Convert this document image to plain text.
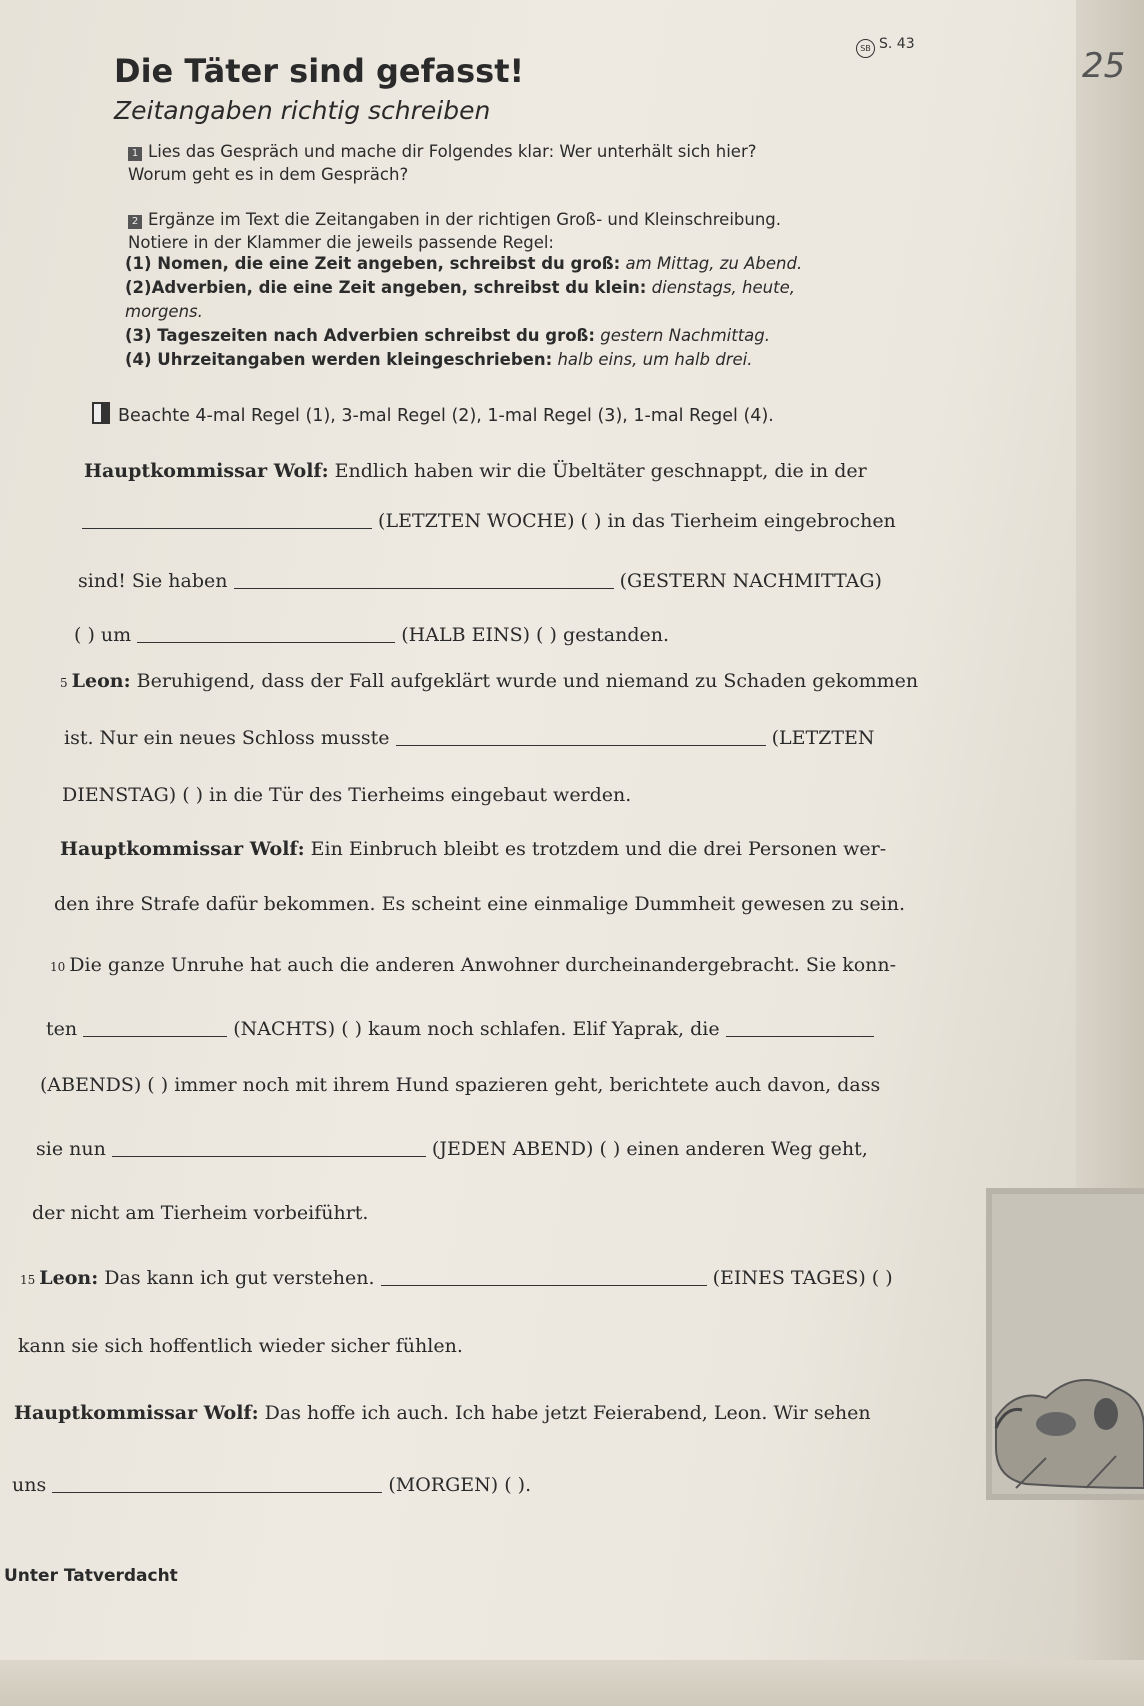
SB S. 43
25
Die Täter sind gefasst!
Zeitangaben richtig schreiben
1 Lies das Gespräch und mache dir Folgendes klar: Wer unterhält sich hier?
Worum geht es in dem Gespräch?
2 Ergänze im Text die Zeitangaben in der richtigen Groß- und Kleinschreibung.
Notiere in der Klammer die jeweils passende Regel:
(1) Nomen, die eine Zeit angeben, schreibst du groß: am Mittag, zu Abend.
(2)Adverbien, die eine Zeit angeben, schreibst du klein: dienstags, heute,
morgens.
(3) Tageszeiten nach Adverbien schreibst du groß: gestern Nachmittag.
(4) Uhrzeitangaben werden kleingeschrieben: halb eins, um halb drei.
Beachte 4-mal Regel (1), 3-mal Regel (2), 1-mal Regel (3), 1-mal Regel (4).
Hauptkommissar Wolf: Endlich haben wir die Übeltäter geschnappt, die in der
(LETZTEN WOCHE) ( ) in das Tierheim eingebrochen
sind! Sie haben	(GESTERN NACHMITTAG)
( ) um	(HALB EINS) ( ) gestanden.
5 Leon: Beruhigend, dass der Fall aufgeklärt wurde und niemand zu Schaden gekommen
ist. Nur ein neues Schloss musste	(LETZTEN
DIENSTAG) ( ) in die Tür des Tierheims eingebaut werden.
Hauptkommissar Wolf: Ein Einbruch bleibt es trotzdem und die drei Personen wer-
den ihre Strafe dafür bekommen. Es scheint eine einmalige Dummheit gewesen zu sein.
10 Die ganze Unruhe hat auch die anderen Anwohner durcheinandergebracht. Sie konn-
ten	(NACHTS) ( ) kaum noch schlafen. Elif Yaprak, die
(ABENDS) ( ) immer noch mit ihrem Hund spazieren geht, berichtete auch davon, dass
sie nun	(JEDEN ABEND) ( ) einen anderen Weg geht,
der nicht am Tierheim vorbeiführt.
15 Leon: Das kann ich gut verstehen.	(EINES TAGES) ( )
kann sie sich hoffentlich wieder sicher fühlen.
Hauptkommissar Wolf: Das hoffe ich auch. Ich habe jetzt Feierabend, Leon. Wir sehen
uns	(MORGEN) ( ).
Unter Tatverdacht
